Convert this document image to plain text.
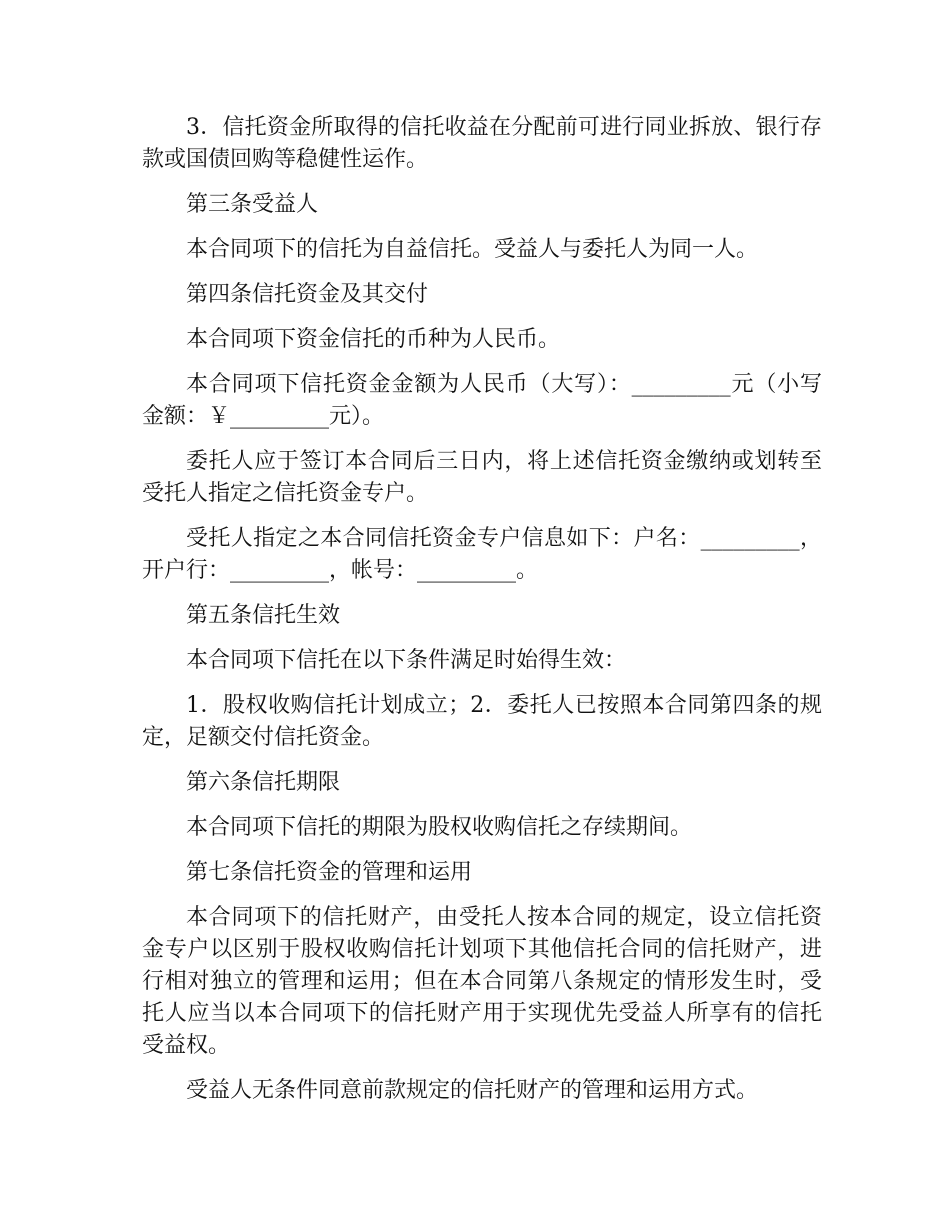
3．信托资金所取得的信托收益在分配前可进行同业拆放、银行存款或国债回购等稳健性运作。

第三条受益人

本合同项下的信托为自益信托。受益人与委托人为同一人。

第四条信托资金及其交付

本合同项下资金信托的币种为人民币。

本合同项下信托资金金额为人民币（大写）：_________元（小写金额：￥_________元）。

委托人应于签订本合同后三日内，将上述信托资金缴纳或划转至受托人指定之信托资金专户。

受托人指定之本合同信托资金专户信息如下：户名：_________，开户行：_________，帐号：_________。

第五条信托生效

本合同项下信托在以下条件满足时始得生效：

1．股权收购信托计划成立；2．委托人已按照本合同第四条的规定，足额交付信托资金。

第六条信托期限

本合同项下信托的期限为股权收购信托之存续期间。

第七条信托资金的管理和运用

本合同项下的信托财产，由受托人按本合同的规定，设立信托资金专户以区别于股权收购信托计划项下其他信托合同的信托财产，进行相对独立的管理和运用；但在本合同第八条规定的情形发生时，受托人应当以本合同项下的信托财产用于实现优先受益人所享有的信托受益权。

受益人无条件同意前款规定的信托财产的管理和运用方式。
